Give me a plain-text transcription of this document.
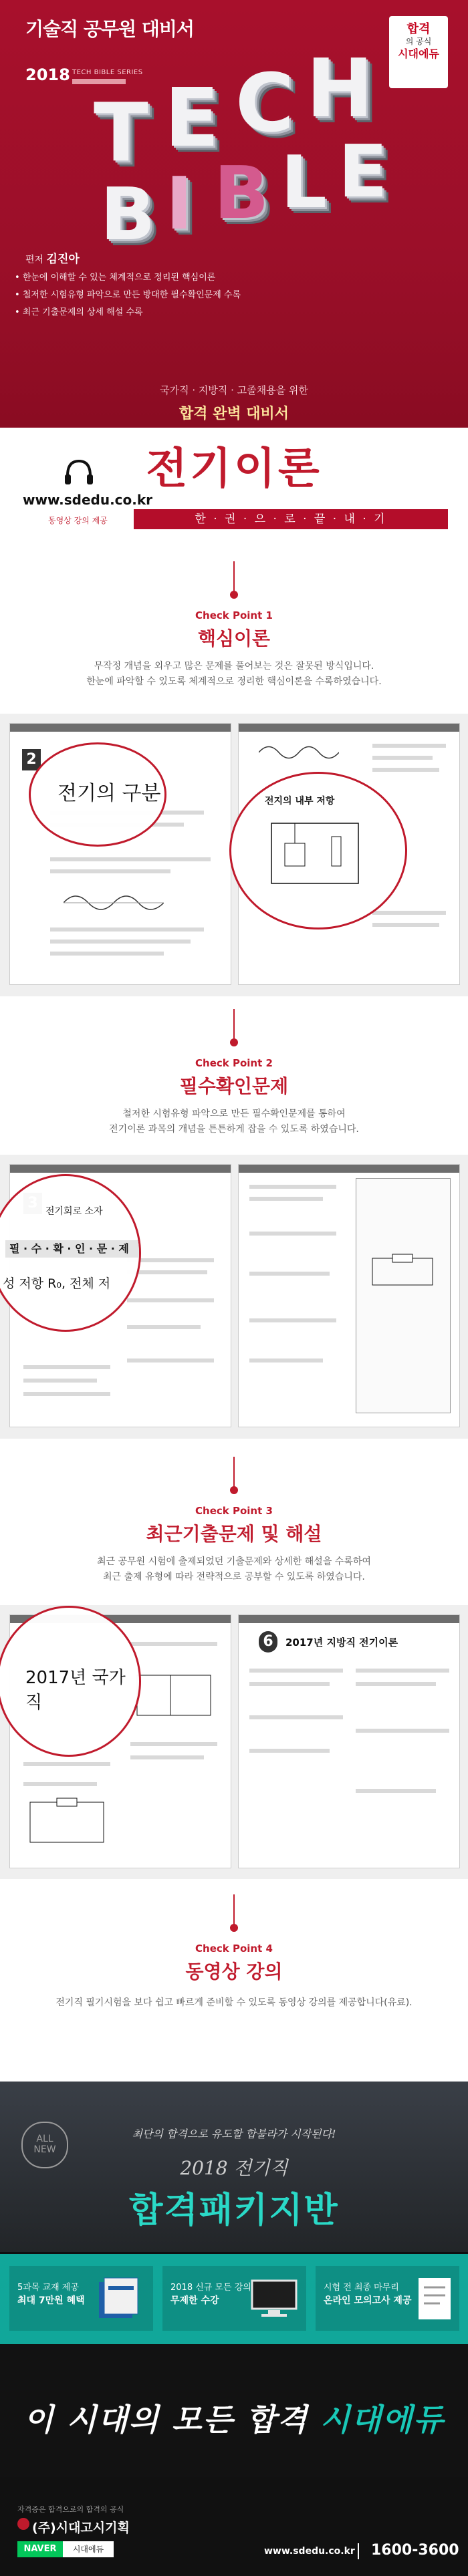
기술직 공무원 대비서
2018 TECH BIBLE SERIES
합격
의 공식
시대에듀
T E C H
B I B L E
편저 김진아
• 한눈에 이해할 수 있는 체계적으로 정리된 핵심이론
• 철저한 시험유형 파악으로 만든 방대한 필수확인문제 수록
• 최근 기출문제의 상세 해설 수록
국가직 · 지방직 · 고졸채용을 위한
합격 완벽 대비서
전기이론
www.sdedu.co.kr
동영상 강의 제공	한 · 권 · 으 · 로 · 끝 · 내 · 기
Check Point 1
핵심이론
무작정 개념을 외우고 많은 문제를 풀어보는 것은 잘못된 방식입니다.
한눈에 파악할 수 있도록 체계적으로 정리한 핵심이론을 수록하였습니다.
2
전기의 구분	전지의 내부 저항
Check Point 2
필수확인문제
철저한 시험유형 파악으로 만든 필수확인문제를 통하여
전기이론 과목의 개념을 튼튼하게 잡을 수 있도록 하였습니다.
전기회로 소자
필 · 수 · 확 · 인 · 문 · 제
성 저항 R₀, 전체 저
Check Point 3
최근기출문제 및 해설
최근 공무원 시험에 출제되었던 기출문제와 상세한 해설을 수록하여
최근 출제 유형에 따라 전략적으로 공부할 수 있도록 하였습니다.
2017년 국가직
6	2017년 지방직 전기이론
Check Point 4
동영상 강의
전기직 필기시험을 보다 쉽고 빠르게 준비할 수 있도록 동영상 강의를 제공합니다(유료).
ALL
NEW
최단의 합격으로 유도할 합불라가 시작된다!
2018 전기직
합격패키지반
5과목 교재 제공
최대 7만원 혜택
2018 신규 모든 강의
무제한 수강
시험 전 최종 마무리
온라인 모의고사 제공
이 시대의 모든 합격 시대에듀
자격증은 합격으로의 합격의 공식
(주)시대고시기획
NAVER	시대에듀	www.sdedu.co.kr 1600-3600
